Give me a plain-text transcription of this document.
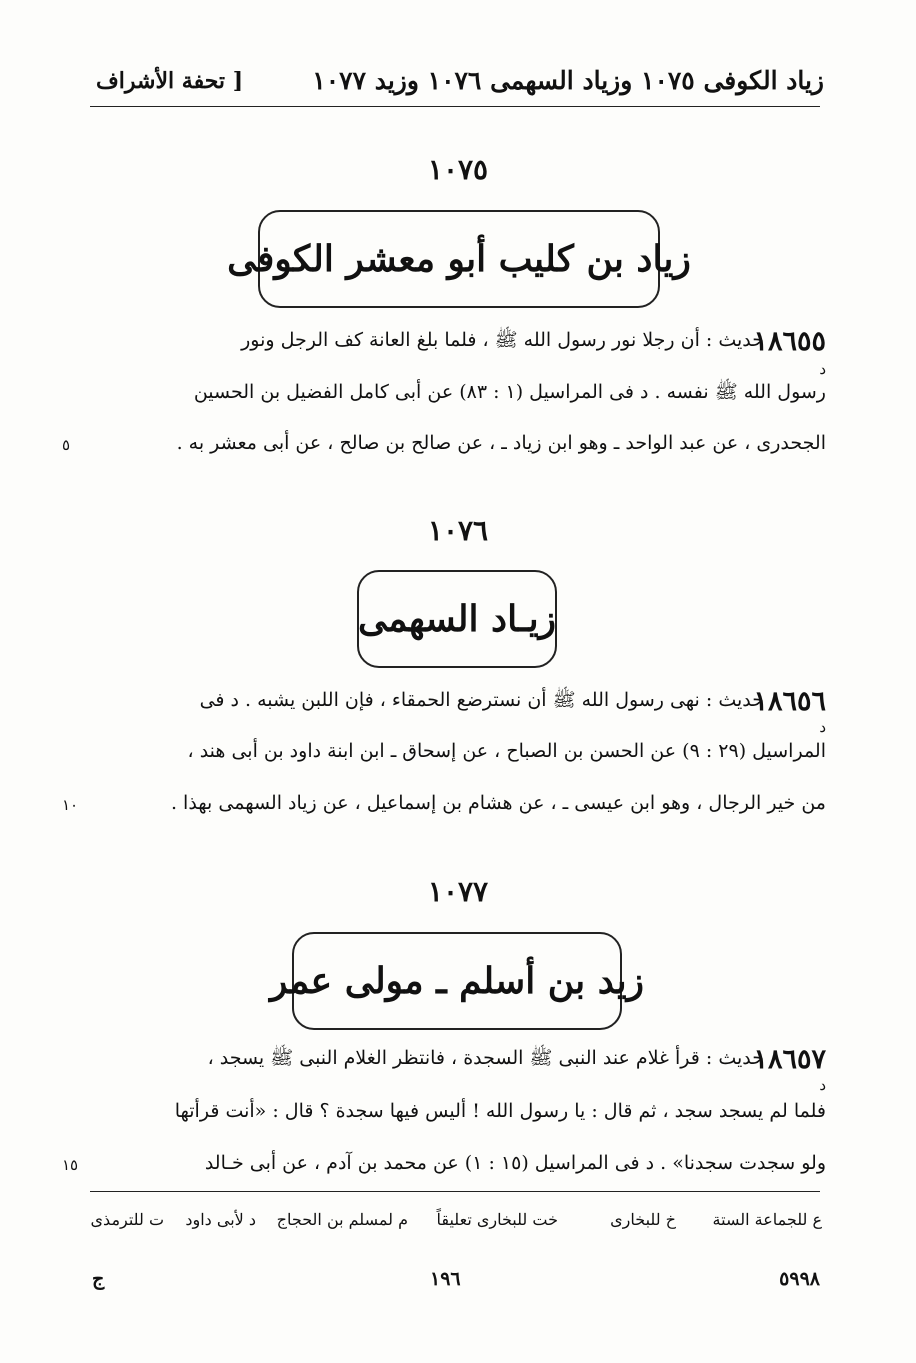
زياد الكوفى ١٠٧٥ وزياد السهمى ١٠٧٦ وزيد ١٠٧٧
[ تحفة الأشراف
١٠٧٥
زياد بن كليب أبو معشر الكوفى
١٨٦٥٥
د
حديث : أن رجلا نور رسول الله ﷺ ، فلما بلغ العانة كف الرجل ونور
رسول الله ﷺ نفسه . د فى المراسيل (١ : ٨٣) عن أبى كامل الفضيل بن الحسين
الجحدرى ، عن عبد الواحد ـ وهو ابن زياد ـ ، عن صالح بن صالح ، عن أبى معشر به .
٥
١٠٧٦
زيـاد السهمى
١٨٦٥٦
د
حديث : نهى رسول الله ﷺ أن نسترضع الحمقاء ، فإن اللبن يشبه . د فى
المراسيل (٢٩ : ٩) عن الحسن بن الصباح ، عن إسحاق ـ ابن ابنة داود بن أبى هند ،
من خير الرجال ، وهو ابن عيسى ـ ، عن هشام بن إسماعيل ، عن زياد السهمى بهذا .
١٠
١٠٧٧
زيد بن أسلم ـ مولى عمر
١٨٦٥٧
د
حديث : قرأ غلام عند النبى ﷺ السجدة ، فانتظر الغلام النبى ﷺ يسجد ،
فلما لم يسجد سجد ، ثم قال : يا رسول الله ! أليس فيها سجدة ؟ قال : «أنت قرأتها
ولو سجدت سجدنا» . د فى المراسيل (١٥ : ١) عن محمد بن آدم ، عن أبى خـالد
١٥
ع للجماعة الستة
خ للبخارى
خت للبخارى تعليقاً
م لمسلم بن الحجاج
د لأبى داود
ت للترمذى
٥٩٩٨
١٩٦
ج
